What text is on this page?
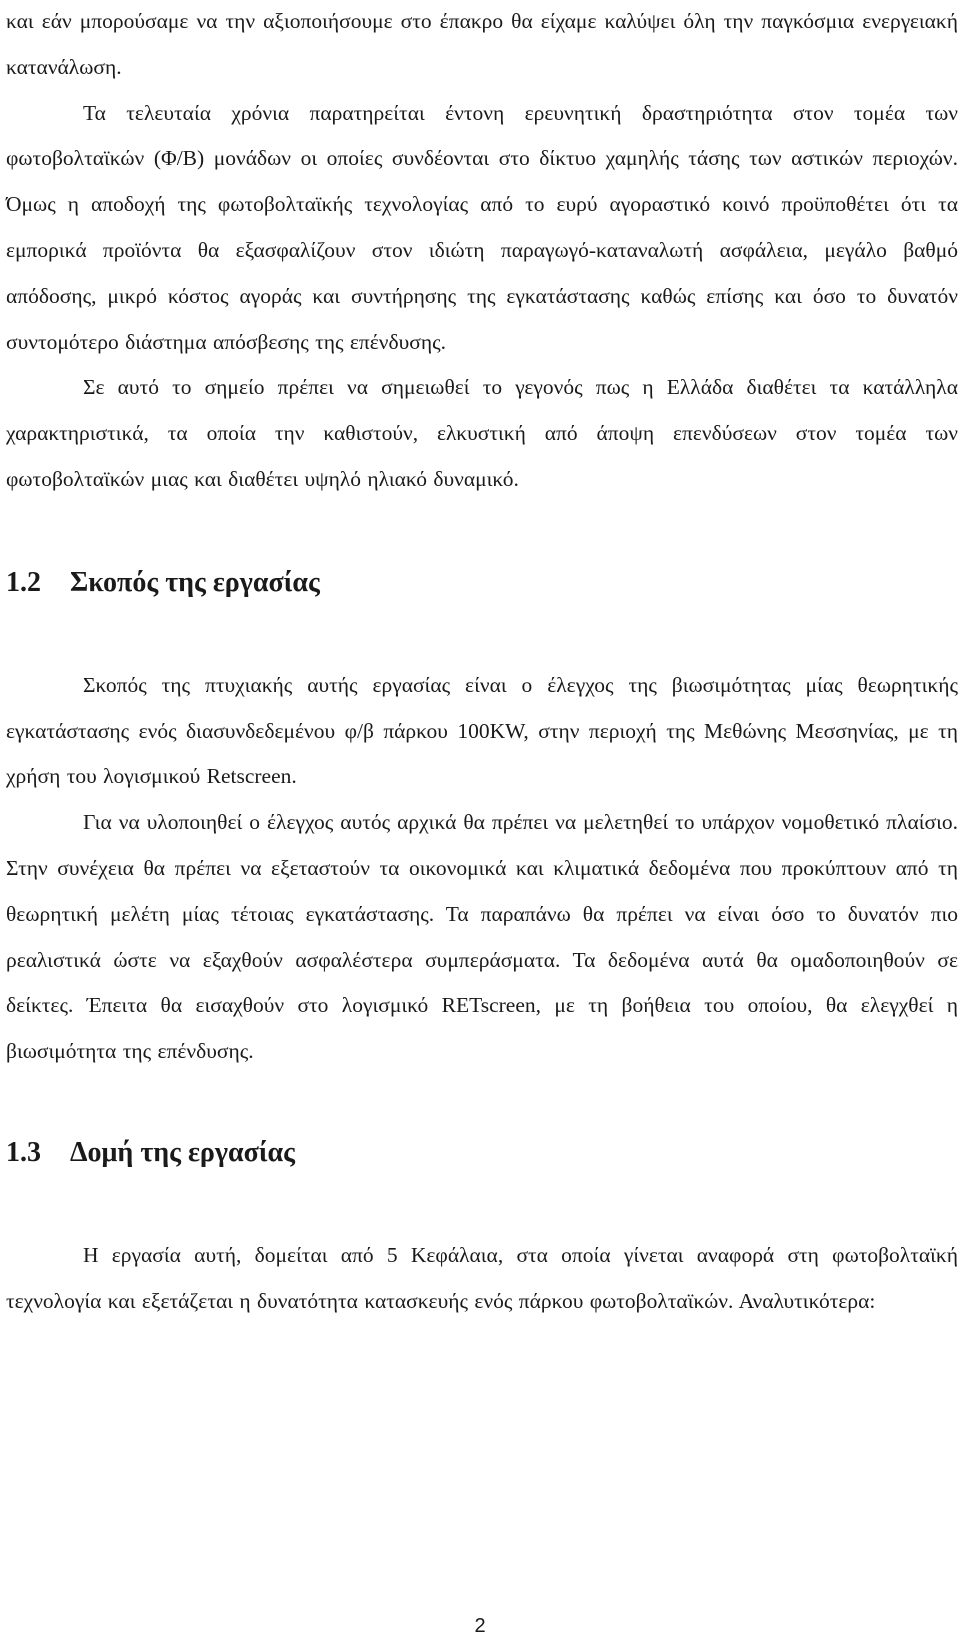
και εάν μπορούσαμε να την αξιοποιήσουμε στο έπακρο θα είχαμε καλύψει όλη την παγκόσμια ενεργειακή κατανάλωση.

Τα τελευταία χρόνια παρατηρείται έντονη ερευνητική δραστηριότητα στον τομέα των φωτοβολταϊκών (Φ/Β) μονάδων οι οποίες συνδέονται στο δίκτυο χαμηλής τάσης των αστικών περιοχών. Όμως η αποδοχή της φωτοβολταϊκής τεχνολογίας από το ευρύ αγοραστικό κοινό προϋποθέτει ότι τα εμπορικά προϊόντα θα εξασφαλίζουν στον ιδιώτη παραγωγό-καταναλωτή ασφάλεια, μεγάλο βαθμό απόδοσης, μικρό κόστος αγοράς και συντήρησης της εγκατάστασης καθώς επίσης και όσο το δυνατόν συντομότερο διάστημα απόσβεσης της επένδυσης.

Σε αυτό το σημείο πρέπει να σημειωθεί το γεγονός πως η Ελλάδα διαθέτει τα κατάλληλα χαρακτηριστικά, τα οποία την καθιστούν, ελκυστική από άποψη επενδύσεων στον τομέα των φωτοβολταϊκών μιας και διαθέτει υψηλό ηλιακό δυναμικό.

1.2 Σκοπός της εργασίας

Σκοπός της πτυχιακής αυτής εργασίας είναι ο έλεγχος της βιωσιμότητας μίας θεωρητικής εγκατάστασης ενός διασυνδεδεμένου φ/β πάρκου 100KW, στην περιοχή της Μεθώνης Μεσσηνίας, με τη χρήση του λογισμικού Retscreen.

Για να υλοποιηθεί ο έλεγχος αυτός αρχικά θα πρέπει να μελετηθεί το υπάρχον νομοθετικό πλαίσιο. Στην συνέχεια θα πρέπει να εξεταστούν τα οικονομικά και κλιματικά δεδομένα που προκύπτουν από τη θεωρητική μελέτη μίας τέτοιας εγκατάστασης. Τα παραπάνω θα πρέπει να είναι όσο το δυνατόν πιο ρεαλιστικά ώστε να εξαχθούν ασφαλέστερα συμπεράσματα. Τα δεδομένα αυτά θα ομαδοποιηθούν σε δείκτες. Έπειτα θα εισαχθούν στο λογισμικό RETscreen, με τη βοήθεια του οποίου, θα ελεγχθεί η βιωσιμότητα της επένδυσης.

1.3 Δομή της εργασίας

Η εργασία αυτή, δομείται από 5 Κεφάλαια, στα οποία γίνεται αναφορά στη φωτοβολταϊκή τεχνολογία και εξετάζεται η δυνατότητα κατασκευής ενός πάρκου φωτοβολταϊκών. Αναλυτικότερα:

2
